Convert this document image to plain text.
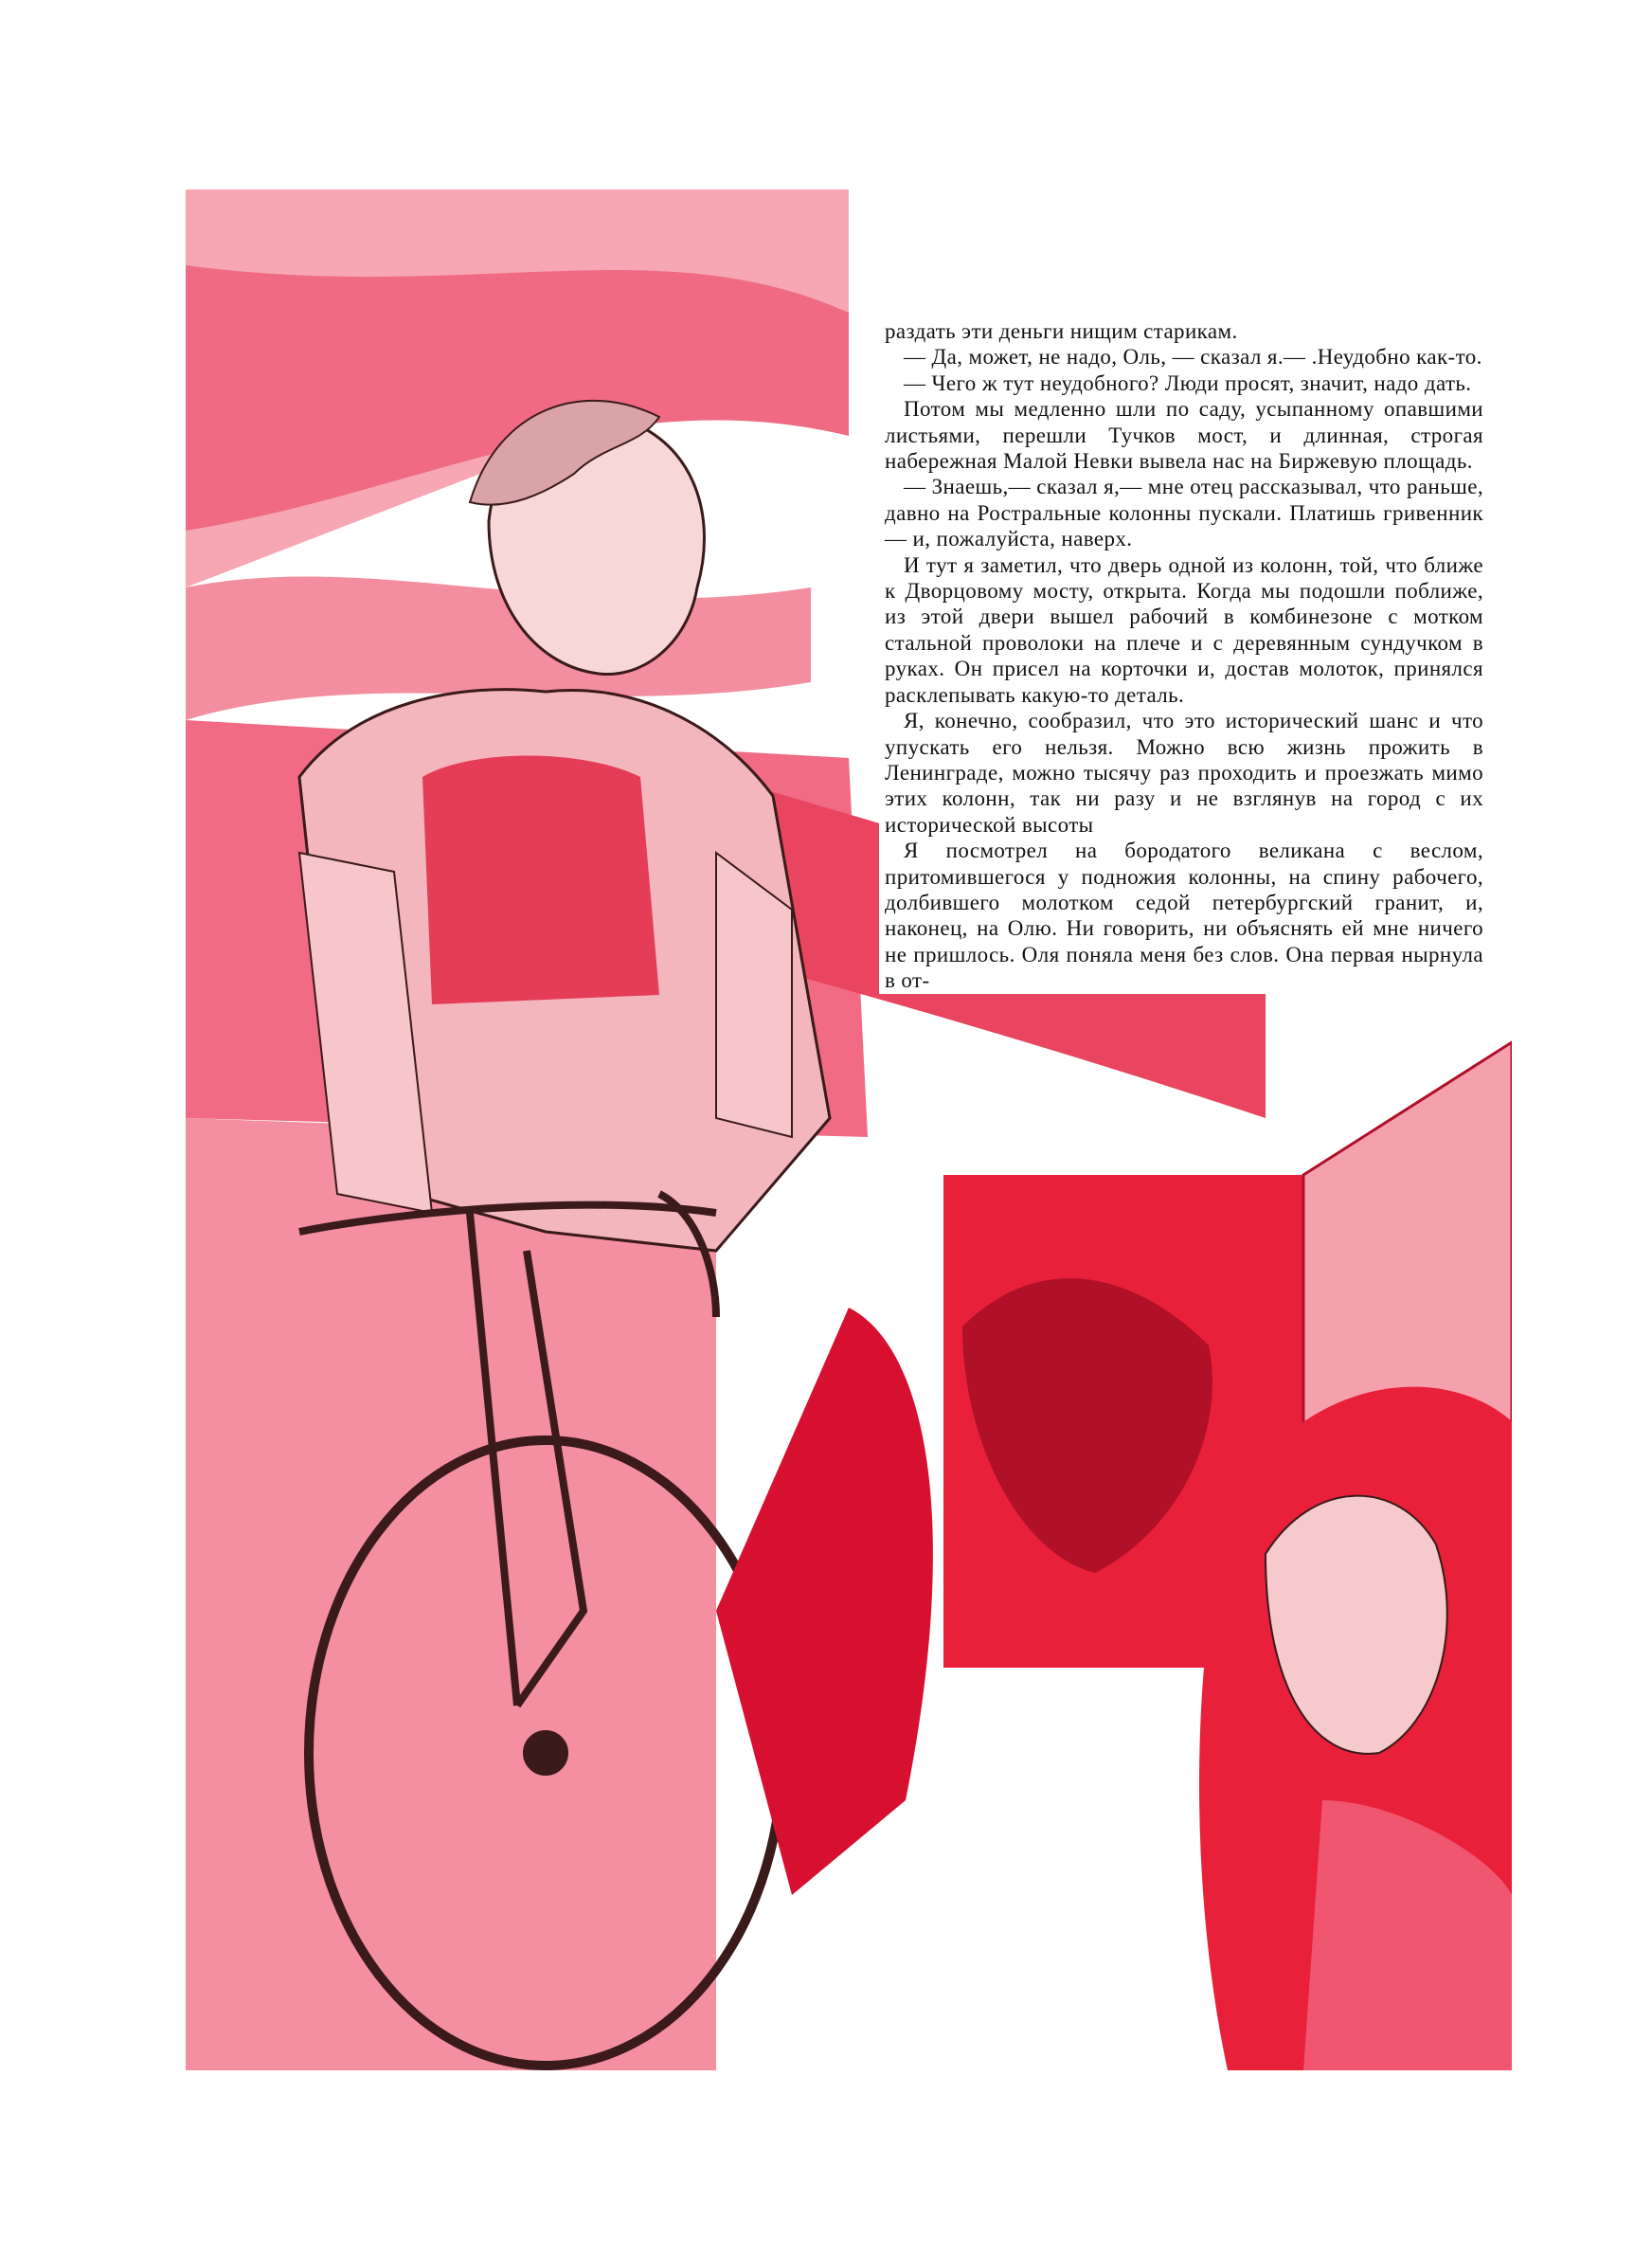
раздать эти деньги нищим старикам.

— Да, может, не надо, Оль, — сказал я.— .Неудобно как-то.

— Чего ж тут неудобного? Люди просят, значит, надо дать.

Потом мы медленно шли по саду, усыпанному опавшими листьями, перешли Тучков мост, и длинная, строгая набережная Малой Невки вывела нас на Биржевую площадь.

— Знаешь,— сказал я,— мне отец рассказывал, что раньше, давно на Ростральные колонны пускали. Платишь гривенник — и, пожалуйста, наверх.

И тут я заметил, что дверь одной из колонн, той, что ближе к Дворцовому мосту, открыта. Когда мы подошли поближе, из этой двери вышел рабочий в комбинезоне с мотком стальной проволоки на плече и с деревянным сундучком в руках. Он присел на корточки и, достав молоток, принялся расклепывать какую-то деталь.

Я, конечно, сообразил, что это исторический шанс и что упускать его нельзя. Можно всю жизнь прожить в Ленинграде, можно тысячу раз проходить и проезжать мимо этих колонн, так ни разу и не взглянув на город с их исторической высоты

Я посмотрел на бородатого великана с веслом, притомившегося у подножия колонны, на спину рабочего, долбившего молотком седой петербургский гранит, и, наконец, на Олю. Ни говорить, ни объяснять ей мне ничего не пришлось. Оля поняла меня без слов. Она первая нырнула в от-
